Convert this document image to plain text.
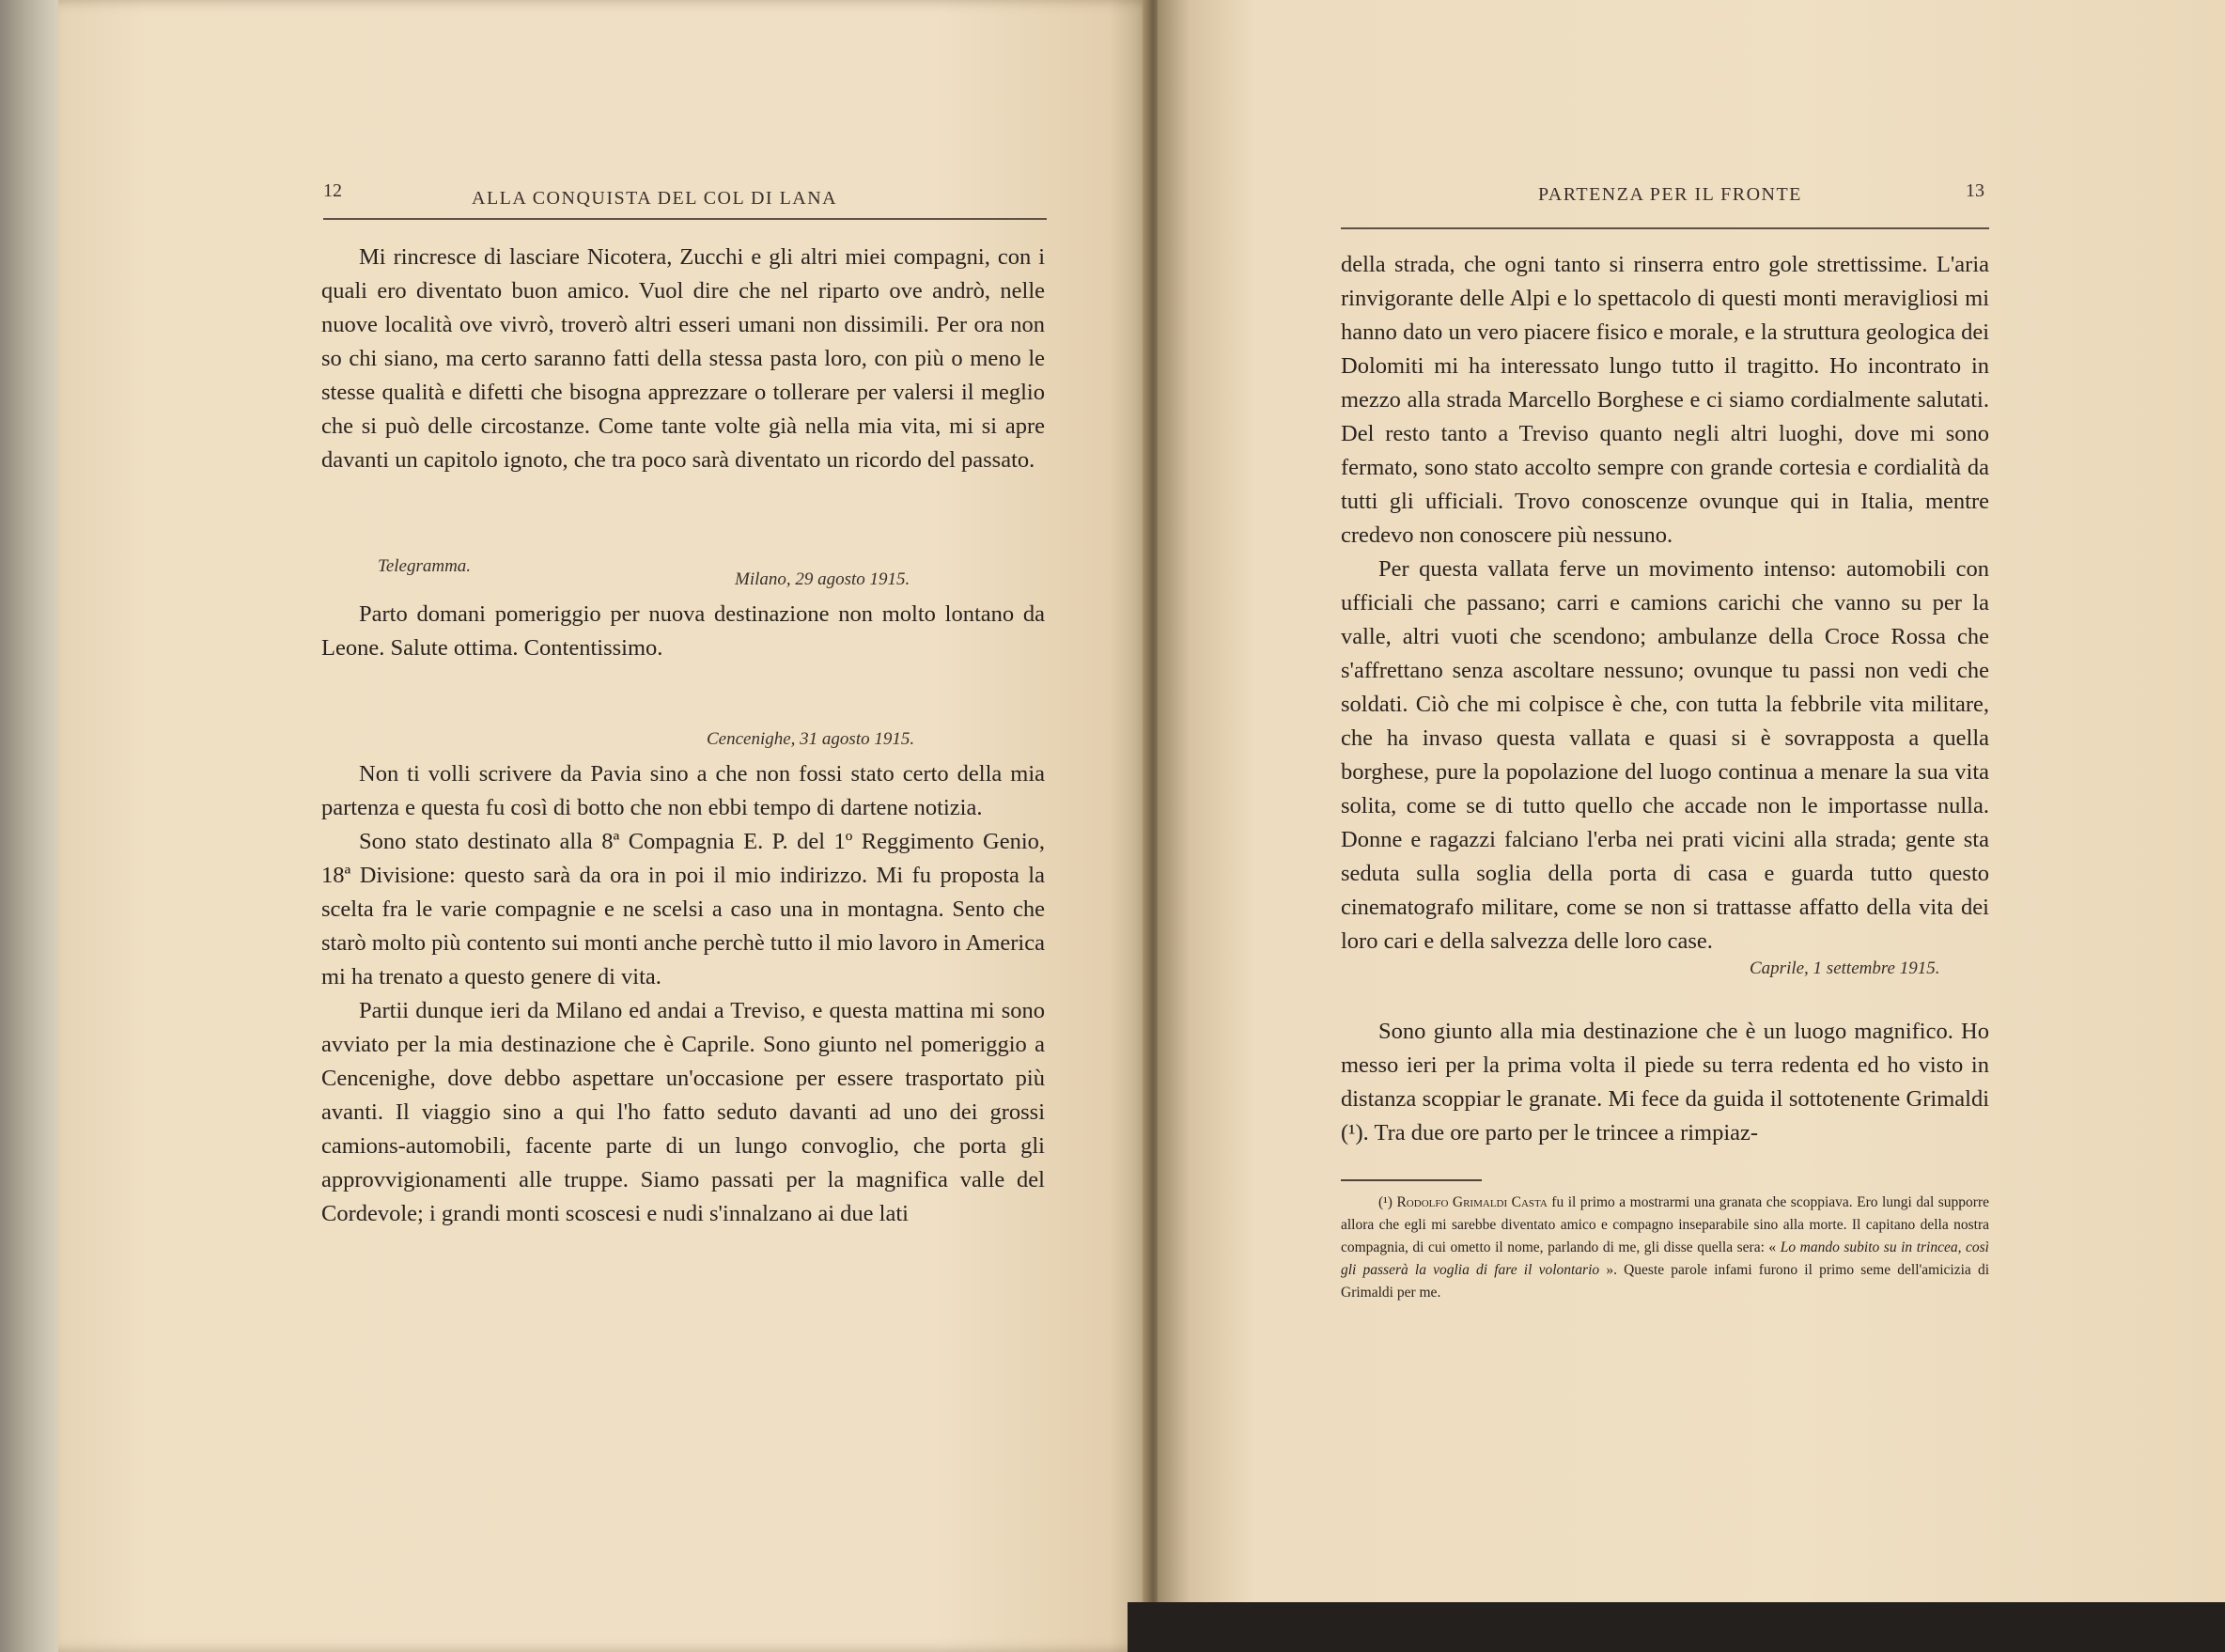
12	ALLA CONQUISTA DEL COL DI LANA

Mi rincresce di lasciare Nicotera, Zucchi e gli altri miei compagni, con i quali ero diventato buon amico. Vuol dire che nel riparto ove andrò, nelle nuove località ove vivrò, troverò altri esseri umani non dissimili. Per ora non so chi siano, ma certo saranno fatti della stessa pasta loro, con più o meno le stesse qualità e difetti che bisogna apprezzare o tollerare per valersi il meglio che si può delle circostanze. Come tante volte già nella mia vita, mi si apre davanti un capitolo ignoto, che tra poco sarà diventato un ricordo del passato.

Telegramma.
Milano, 29 agosto 1915.

Parto domani pomeriggio per nuova destinazione non molto lontano da Leone. Salute ottima. Contentissimo.

Cencenighe, 31 agosto 1915.

Non ti volli scrivere da Pavia sino a che non fossi stato certo della mia partenza e questa fu così di botto che non ebbi tempo di dartene notizia.

Sono stato destinato alla 8ª Compagnia E. P. del 1º Reggimento Genio, 18ª Divisione: questo sarà da ora in poi il mio indirizzo. Mi fu proposta la scelta fra le varie compagnie e ne scelsi a caso una in montagna. Sento che starò molto più contento sui monti anche perchè tutto il mio lavoro in America mi ha trenato a questo genere di vita.

Partii dunque ieri da Milano ed andai a Treviso, e questa mattina mi sono avviato per la mia destinazione che è Caprile. Sono giunto nel pomeriggio a Cencenighe, dove debbo aspettare un'occasione per essere trasportato più avanti. Il viaggio sino a qui l'ho fatto seduto davanti ad uno dei grossi camions-automobili, facente parte di un lungo convoglio, che porta gli approvvigionamenti alle truppe. Siamo passati per la magnifica valle del Cordevole; i grandi monti scoscesi e nudi s'innalzano ai due lati

PARTENZA PER IL FRONTE	13

della strada, che ogni tanto si rinserra entro gole strettissime. L'aria rinvigorante delle Alpi e lo spettacolo di questi monti meravigliosi mi hanno dato un vero piacere fisico e morale, e la struttura geologica dei Dolomiti mi ha interessato lungo tutto il tragitto. Ho incontrato in mezzo alla strada Marcello Borghese e ci siamo cordialmente salutati. Del resto tanto a Treviso quanto negli altri luoghi, dove mi sono fermato, sono stato accolto sempre con grande cortesia e cordialità da tutti gli ufficiali. Trovo conoscenze ovunque qui in Italia, mentre credevo non conoscere più nessuno.

Per questa vallata ferve un movimento intenso: automobili con ufficiali che passano; carri e camions carichi che vanno su per la valle, altri vuoti che scendono; ambulanze della Croce Rossa che s'affrettano senza ascoltare nessuno; ovunque tu passi non vedi che soldati. Ciò che mi colpisce è che, con tutta la febbrile vita militare, che ha invaso questa vallata e quasi si è sovrapposta a quella borghese, pure la popolazione del luogo continua a menare la sua vita solita, come se di tutto quello che accade non le importasse nulla. Donne e ragazzi falciano l'erba nei prati vicini alla strada; gente sta seduta sulla soglia della porta di casa e guarda tutto questo cinematografo militare, come se non si trattasse affatto della vita dei loro cari e della salvezza delle loro case.

Caprile, 1 settembre 1915.

Sono giunto alla mia destinazione che è un luogo magnifico. Ho messo ieri per la prima volta il piede su terra redenta ed ho visto in distanza scoppiar le granate. Mi fece da guida il sottotenente Grimaldi (¹). Tra due ore parto per le trincee a rimpiaz-

(¹) Rodolfo Grimaldi Casta fu il primo a mostrarmi una granata che scoppiava. Ero lungi dal supporre allora che egli mi sarebbe diventato amico e compagno inseparabile sino alla morte. Il capitano della nostra compagnia, di cui ometto il nome, parlando di me, gli disse quella sera: « Lo mando subito su in trincea, così gli passerà la voglia di fare il volontario ». Queste parole infami furono il primo seme dell'amicizia di Grimaldi per me.
